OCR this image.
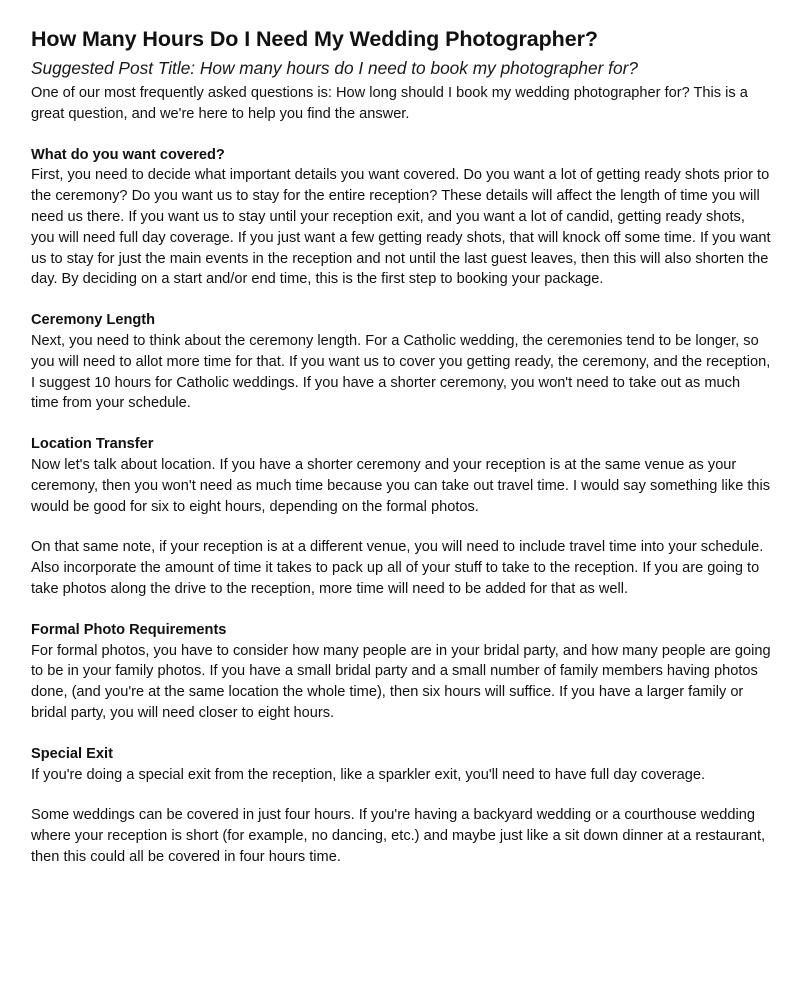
How Many Hours Do I Need My Wedding Photographer?
Suggested Post Title: How many hours do I need to book my photographer for?

One of our most frequently asked questions is: How long should I book my wedding photographer for? This is a great question, and we're here to help you find the answer.

What do you want covered?

First, you need to decide what important details you want covered. Do you want a lot of getting ready shots prior to the ceremony? Do you want us to stay for the entire reception? These details will affect the length of time you will need us there. If you want us to stay until your reception exit, and you want a lot of candid, getting ready shots, you will need full day coverage. If you just want a few getting ready shots, that will knock off some time. If you want us to stay for just the main events in the reception and not until the last guest leaves, then this will also shorten the day. By deciding on a start and/or end time, this is the first step to booking your package.

Ceremony Length

Next, you need to think about the ceremony length. For a Catholic wedding, the ceremonies tend to be longer, so you will need to allot more time for that. If you want us to cover you getting ready, the ceremony, and the reception, I suggest 10 hours for Catholic weddings. If you have a shorter ceremony, you won't need to take out as much time from your schedule.

Location Transfer

Now let's talk about location. If you have a shorter ceremony and your reception is at the same venue as your ceremony, then you won't need as much time because you can take out travel time. I would say something like this would be good for six to eight hours, depending on the formal photos.

On that same note, if your reception is at a different venue, you will need to include travel time into your schedule. Also incorporate the amount of time it takes to pack up all of your stuff to take to the reception. If you are going to take photos along the drive to the reception, more time will need to be added for that as well.

Formal Photo Requirements

For formal photos, you have to consider how many people are in your bridal party, and how many people are going to be in your family photos. If you have a small bridal party and a small number of family members having photos done, (and you're at the same location the whole time), then six hours will suffice. If you have a larger family or bridal party, you will need closer to eight hours.

Special Exit

If you're doing a special exit from the reception, like a sparkler exit, you'll need to have full day coverage.

Some weddings can be covered in just four hours. If you're having a backyard wedding or a courthouse wedding where your reception is short (for example, no dancing, etc.) and maybe just like a sit down dinner at a restaurant, then this could all be covered in four hours time.
